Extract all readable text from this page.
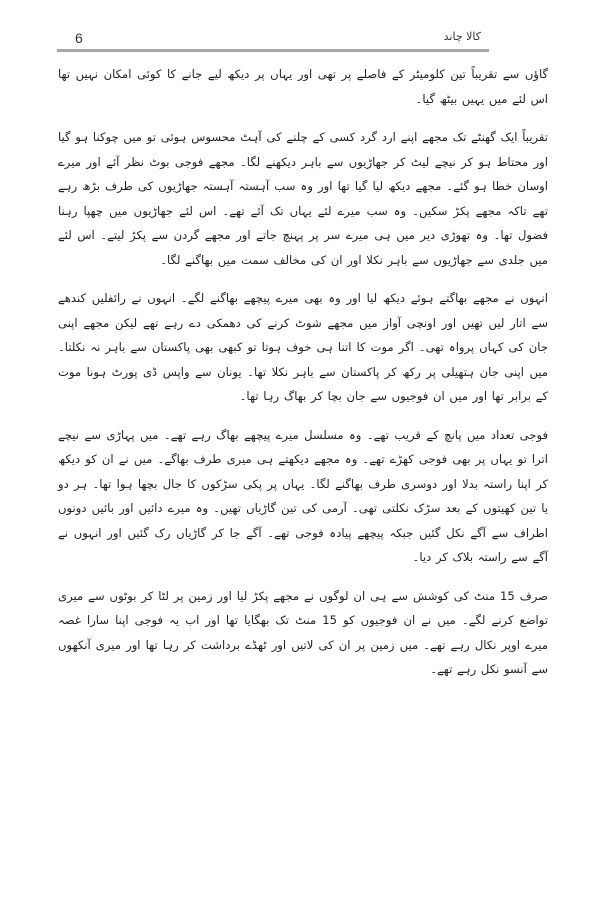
6	کالا چاند

گاؤں سے تقریباً تین کلومیٹر کے فاصلے پر تھی اور یہاں پر دیکھ لیے جانے کا کوئی امکان نہیں تھا اس لئے میں یہیں بیٹھ گیا۔

تقریباً ایک گھنٹے تک مجھے اپنے ارد گرد کسی کے چلنے کی آہٹ محسوس ہوئی تو میں چوکنا ہو گیا اور محتاط ہو کر نیچے لیٹ کر جھاڑیوں سے باہر دیکھنے لگا۔ مجھے فوجی بوٹ نظر آئے اور میرے اوسان خطا ہو گئے۔ مجھے دیکھ لیا گیا تھا اور وہ سب آہستہ آہستہ جھاڑیوں کی طرف بڑھ رہے تھے تاکہ مجھے پکڑ سکیں۔ وہ سب میرے لئے یہاں تک آئے تھے۔ اس لئے جھاڑیوں میں چھپا رہنا فضول تھا۔ وہ تھوڑی دیر میں ہی میرے سر پر پہنچ جاتے اور مجھے گردن سے پکڑ لیتے۔ اس لئے میں جلدی سے جھاڑیوں سے باہر نکلا اور ان کی مخالف سمت میں بھاگنے لگا۔

انہوں نے مجھے بھاگتے ہوئے دیکھ لیا اور وہ بھی میرے پیچھے بھاگنے لگے۔ انہوں نے رائفلیں کندھے سے اتار لیں تھیں اور اونچی آواز میں مجھے شوٹ کرنے کی دھمکی دے رہے تھے لیکن مجھے اپنی جان کی کہاں پرواہ تھی۔ اگر موت کا اتنا ہی خوف ہوتا تو کبھی بھی پاکستان سے باہر نہ نکلتا۔ میں اپنی جان ہتھیلی پر رکھ کر پاکستان سے باہر نکلا تھا۔ یونان سے واپس ڈی پورٹ ہونا موت کے برابر تھا اور میں ان فوجیوں سے جان بچا کر بھاگ رہا تھا۔

فوجی تعداد میں پانچ کے قریب تھے۔ وہ مسلسل میرے پیچھے بھاگ رہے تھے۔ میں پہاڑی سے نیچے اترا تو یہاں پر بھی فوجی کھڑے تھے۔ وہ مجھے دیکھتے ہی میری طرف بھاگے۔ میں نے ان کو دیکھ کر اپنا راستہ بدلا اور دوسری طرف بھاگنے لگا۔ یہاں پر پکی سڑکوں کا جال بچھا ہوا تھا۔ ہر دو یا تین کھیتوں کے بعد سڑک نکلتی تھی۔ آرمی کی تین گاڑیاں تھیں۔ وہ میرے دائیں اور بائیں دونوں اطراف سے آگے نکل گئیں جبکہ پیچھے پیادہ فوجی تھے۔ آگے جا کر گاڑیاں رک گئیں اور انہوں نے آگے سے راستہ بلاک کر دیا۔

صرف 15 منٹ کی کوشش سے ہی ان لوگوں نے مجھے پکڑ لیا اور زمین پر لٹا کر بوٹوں سے میری تواضع کرنے لگے۔ میں نے ان فوجیوں کو 15 منٹ تک بھگایا تھا اور اب یہ فوجی اپنا سارا غصہ میرے اوپر نکال رہے تھے۔ میں زمین پر ان کی لاتیں اور ٹھڈے برداشت کر رہا تھا اور میری آنکھوں سے آنسو نکل رہے تھے۔
